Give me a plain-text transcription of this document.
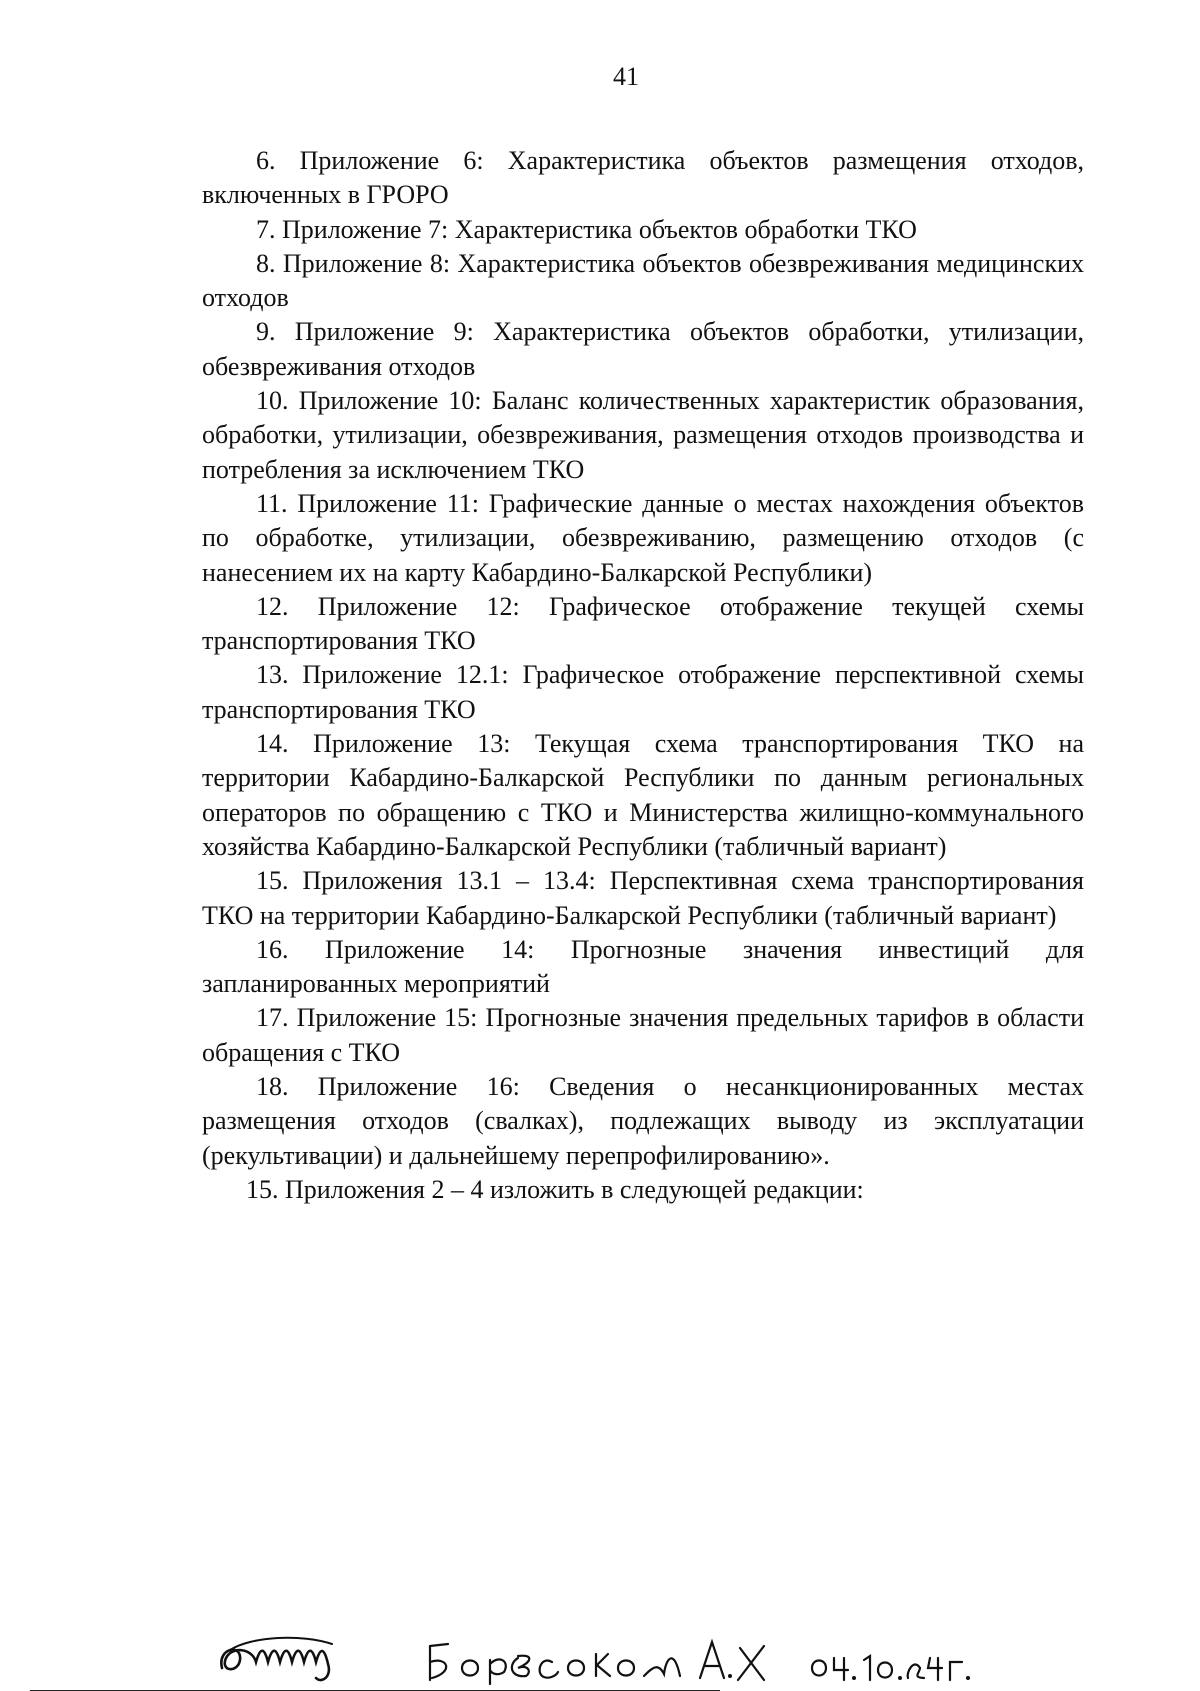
41

6. Приложение 6: Характеристика объектов размещения отходов, включенных в ГРОРО

7. Приложение 7: Характеристика объектов обработки ТКО

8. Приложение 8: Характеристика объектов обезвреживания медицинских отходов

9. Приложение 9: Характеристика объектов обработки, утилизации, обезвреживания отходов

10. Приложение 10: Баланс количественных характеристик образования, обработки, утилизации, обезвреживания, размещения отходов производства и потребления за исключением ТКО

11. Приложение 11: Графические данные о местах нахождения объектов по обработке, утилизации, обезвреживанию, размещению отходов (с нанесением их на карту Кабардино-Балкарской Республики)

12. Приложение 12: Графическое отображение текущей схемы транспортирования ТКО

13. Приложение 12.1: Графическое отображение перспективной схемы транспортирования ТКО

14. Приложение 13: Текущая схема транспортирования ТКО на территории Кабардино-Балкарской Республики по данным региональных операторов по обращению с ТКО и Министерства жилищно-коммунального хозяйства Кабардино-Балкарской Республики (табличный вариант)

15. Приложения 13.1 – 13.4: Перспективная схема транспортирования ТКО на территории Кабардино-Балкарской Республики (табличный вариант)

16. Приложение 14: Прогнозные значения инвестиций для запланированных мероприятий

17. Приложение 15: Прогнозные значения предельных тарифов в области обращения с ТКО

18. Приложение 16: Сведения о несанкционированных местах размещения отходов (свалках), подлежащих выводу из эксплуатации (рекультивации) и дальнейшему перепрофилированию».

15. Приложения 2 – 4 изложить в следующей редакции:
